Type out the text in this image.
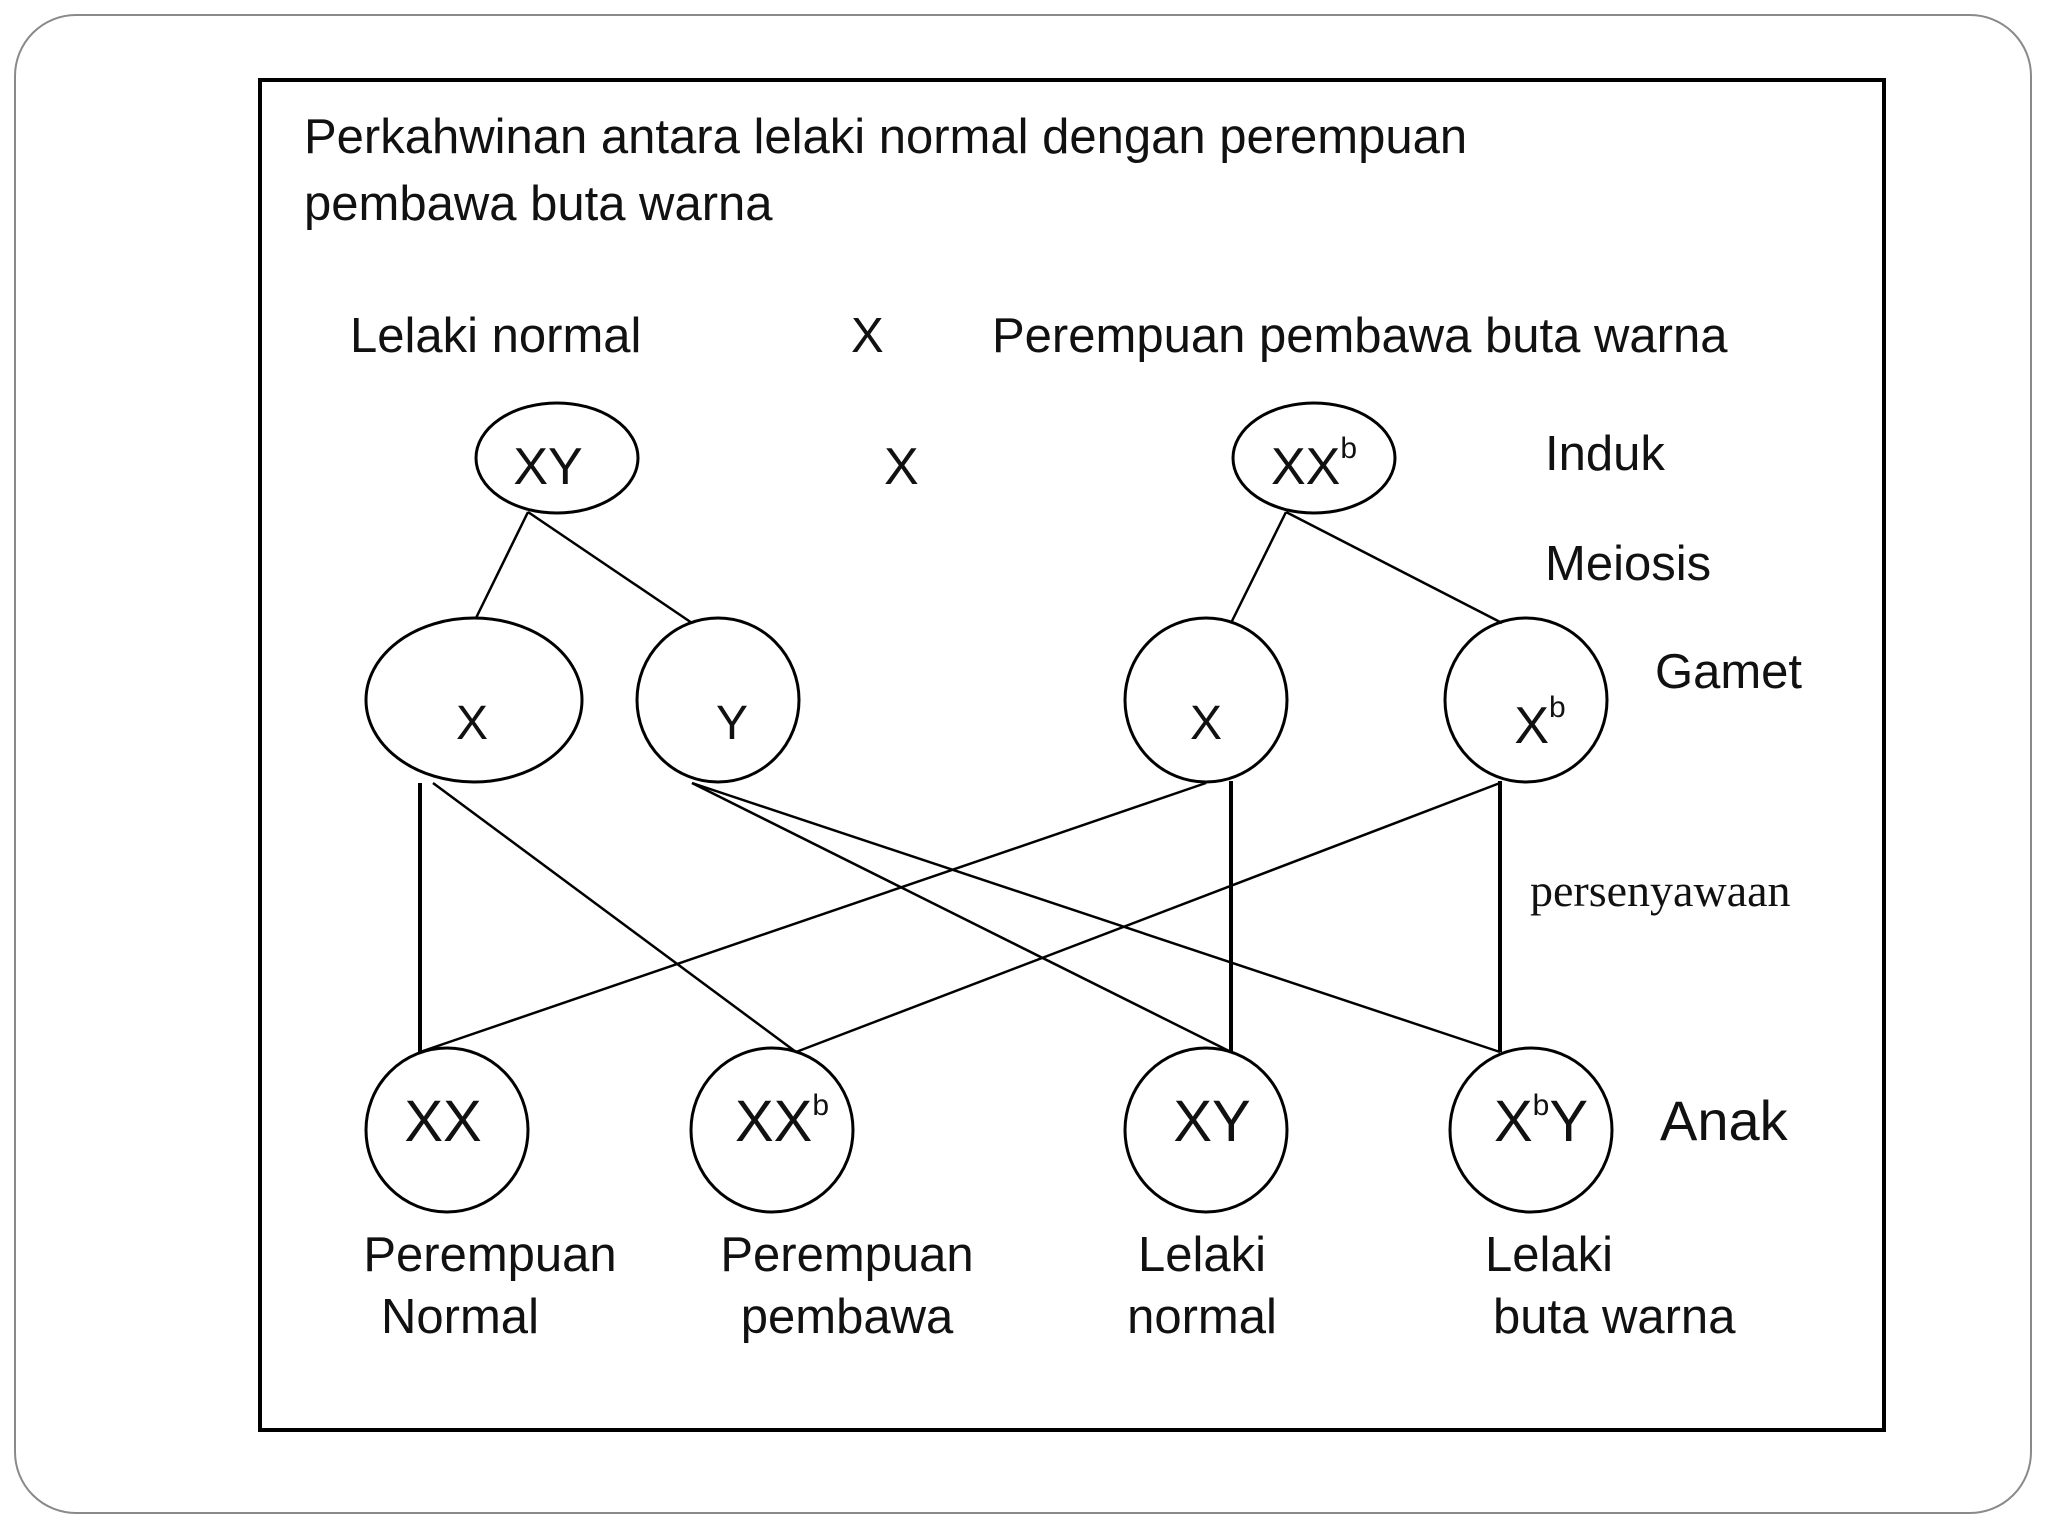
Perkahwinan antara lelaki normal dengan perempuan
pembawa buta warna
Lelaki normal	X Perempuan pembawa buta warna
XY	X	$XX^b$	Induk
Meiosis
Gamet
persenyawaan
Anak
X	Y	X	$X^b$
XX	$XX^b$	XY	$X^bY$
Perempuan
Normal
Perempuan
pembawa
Lelaki
normal
Lelaki
buta warna
